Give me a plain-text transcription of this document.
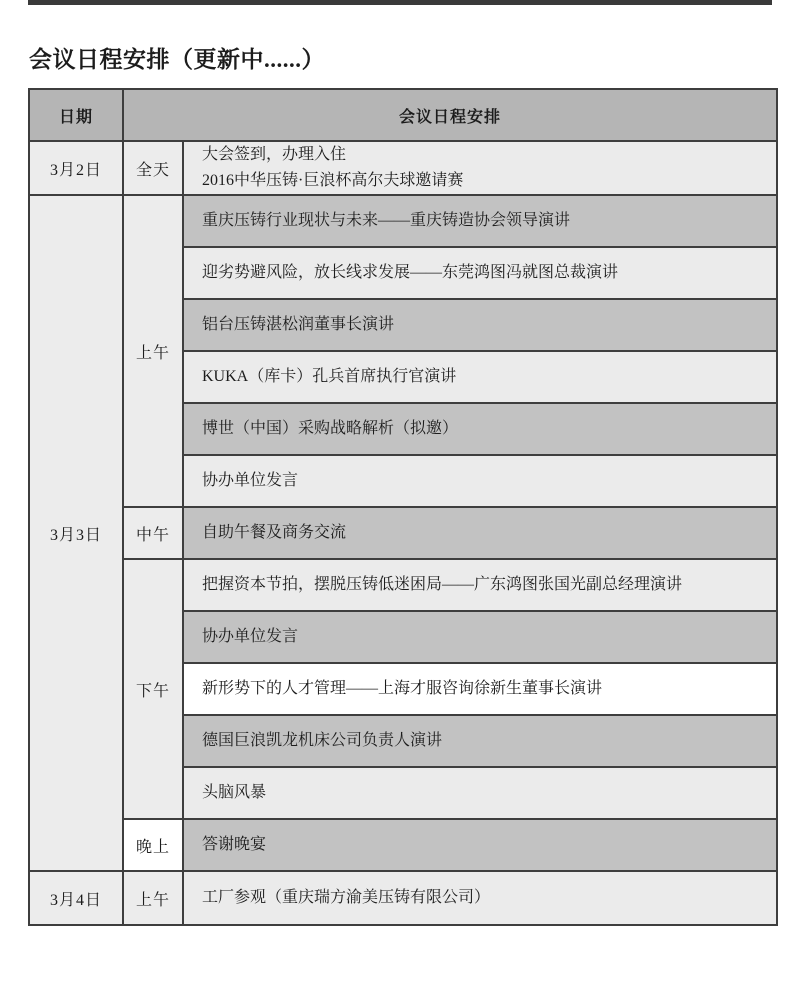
会议日程安排（更新中......）
日期	会议日程安排	
3月2日	全天	大会签到，办理入住
2016中华压铸·巨浪杯高尔夫球邀请赛

3月3日	上午	重庆压铸行业现状与未来——重庆铸造协会领导演讲
		迎劣势避风险，放长线求发展——东莞鸿图冯就图总裁演讲
		铝台压铸湛松润董事长演讲
		KUKA（库卡）孔兵首席执行官演讲
		博世（中国）采购战略解析（拟邀）
		协办单位发言
	中午	自助午餐及商务交流
	下午	把握资本节拍，摆脱压铸低迷困局——广东鸿图张国光副总经理演讲
		协办单位发言
		新形势下的人才管理——上海才服咨询徐新生董事长演讲
		德国巨浪凯龙机床公司负责人演讲
		头脑风暴
	晚上	答谢晚宴
3月4日	上午	工厂参观（重庆瑞方渝美压铸有限公司）
